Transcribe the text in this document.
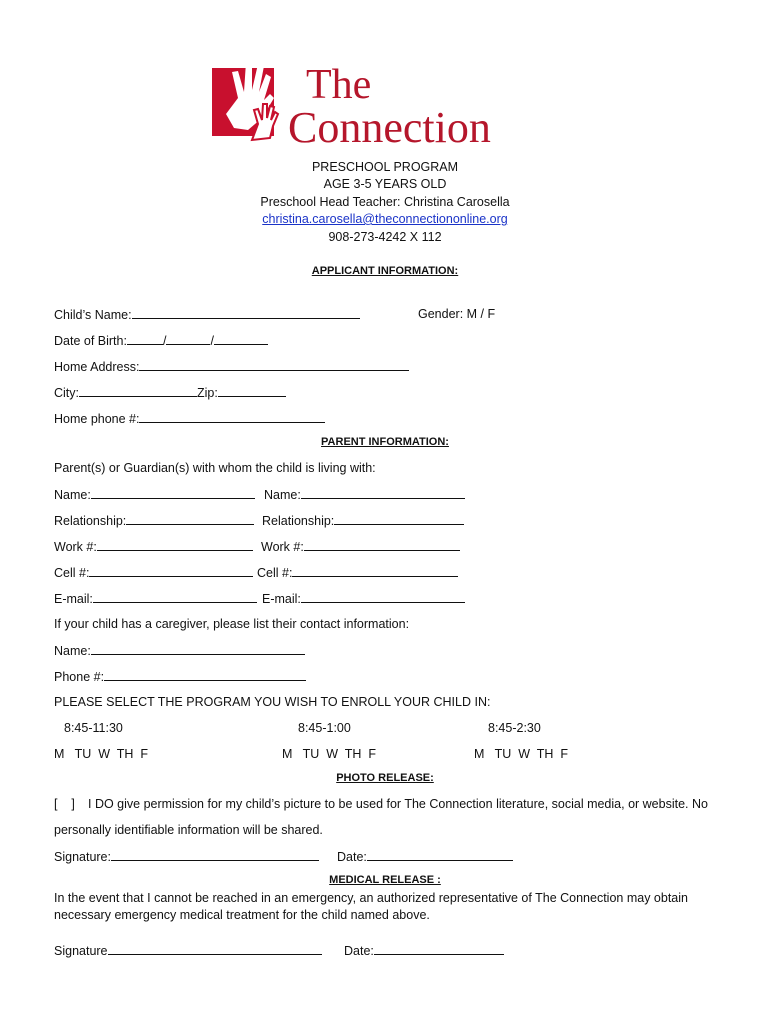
The
Connection
PRESCHOOL PROGRAM
AGE 3-5 YEARS OLD
Preschool Head Teacher: Christina Carosella
christina.carosella@theconnectiononline.org
908-273-4242 X 112
APPLICANT INFORMATION:
Child’s Name:	Gender: M / F
Date of Birth:	/	/
Home Address:
City:	Zip:
Home phone #:
PARENT INFORMATION:
Parent(s) or Guardian(s) with whom the child is living with:
Name:	Name:
Relationship:	Relationship:
Work #:	Work #:
Cell #:	Cell #:
E-mail:	E-mail:
If your child has a caregiver, please list their contact information:
Name:
Phone #:
PLEASE SELECT THE PROGRAM YOU WISH TO ENROLL YOUR CHILD IN:
8:45-11:30	8:45-1:00	8:45-2:30
M   TU  W  TH  F	M   TU  W  TH  F	M   TU  W  TH  F
PHOTO RELEASE:
[    ] I DO give permission for my child’s picture to be used for The Connection literature, social media, or website. No
personally identifiable information will be shared.
Signature:	Date:
MEDICAL RELEASE :
In the event that I cannot be reached in an emergency, an authorized representative of The Connection may obtain
necessary emergency medical treatment for the child named above.
Signature	Date:
